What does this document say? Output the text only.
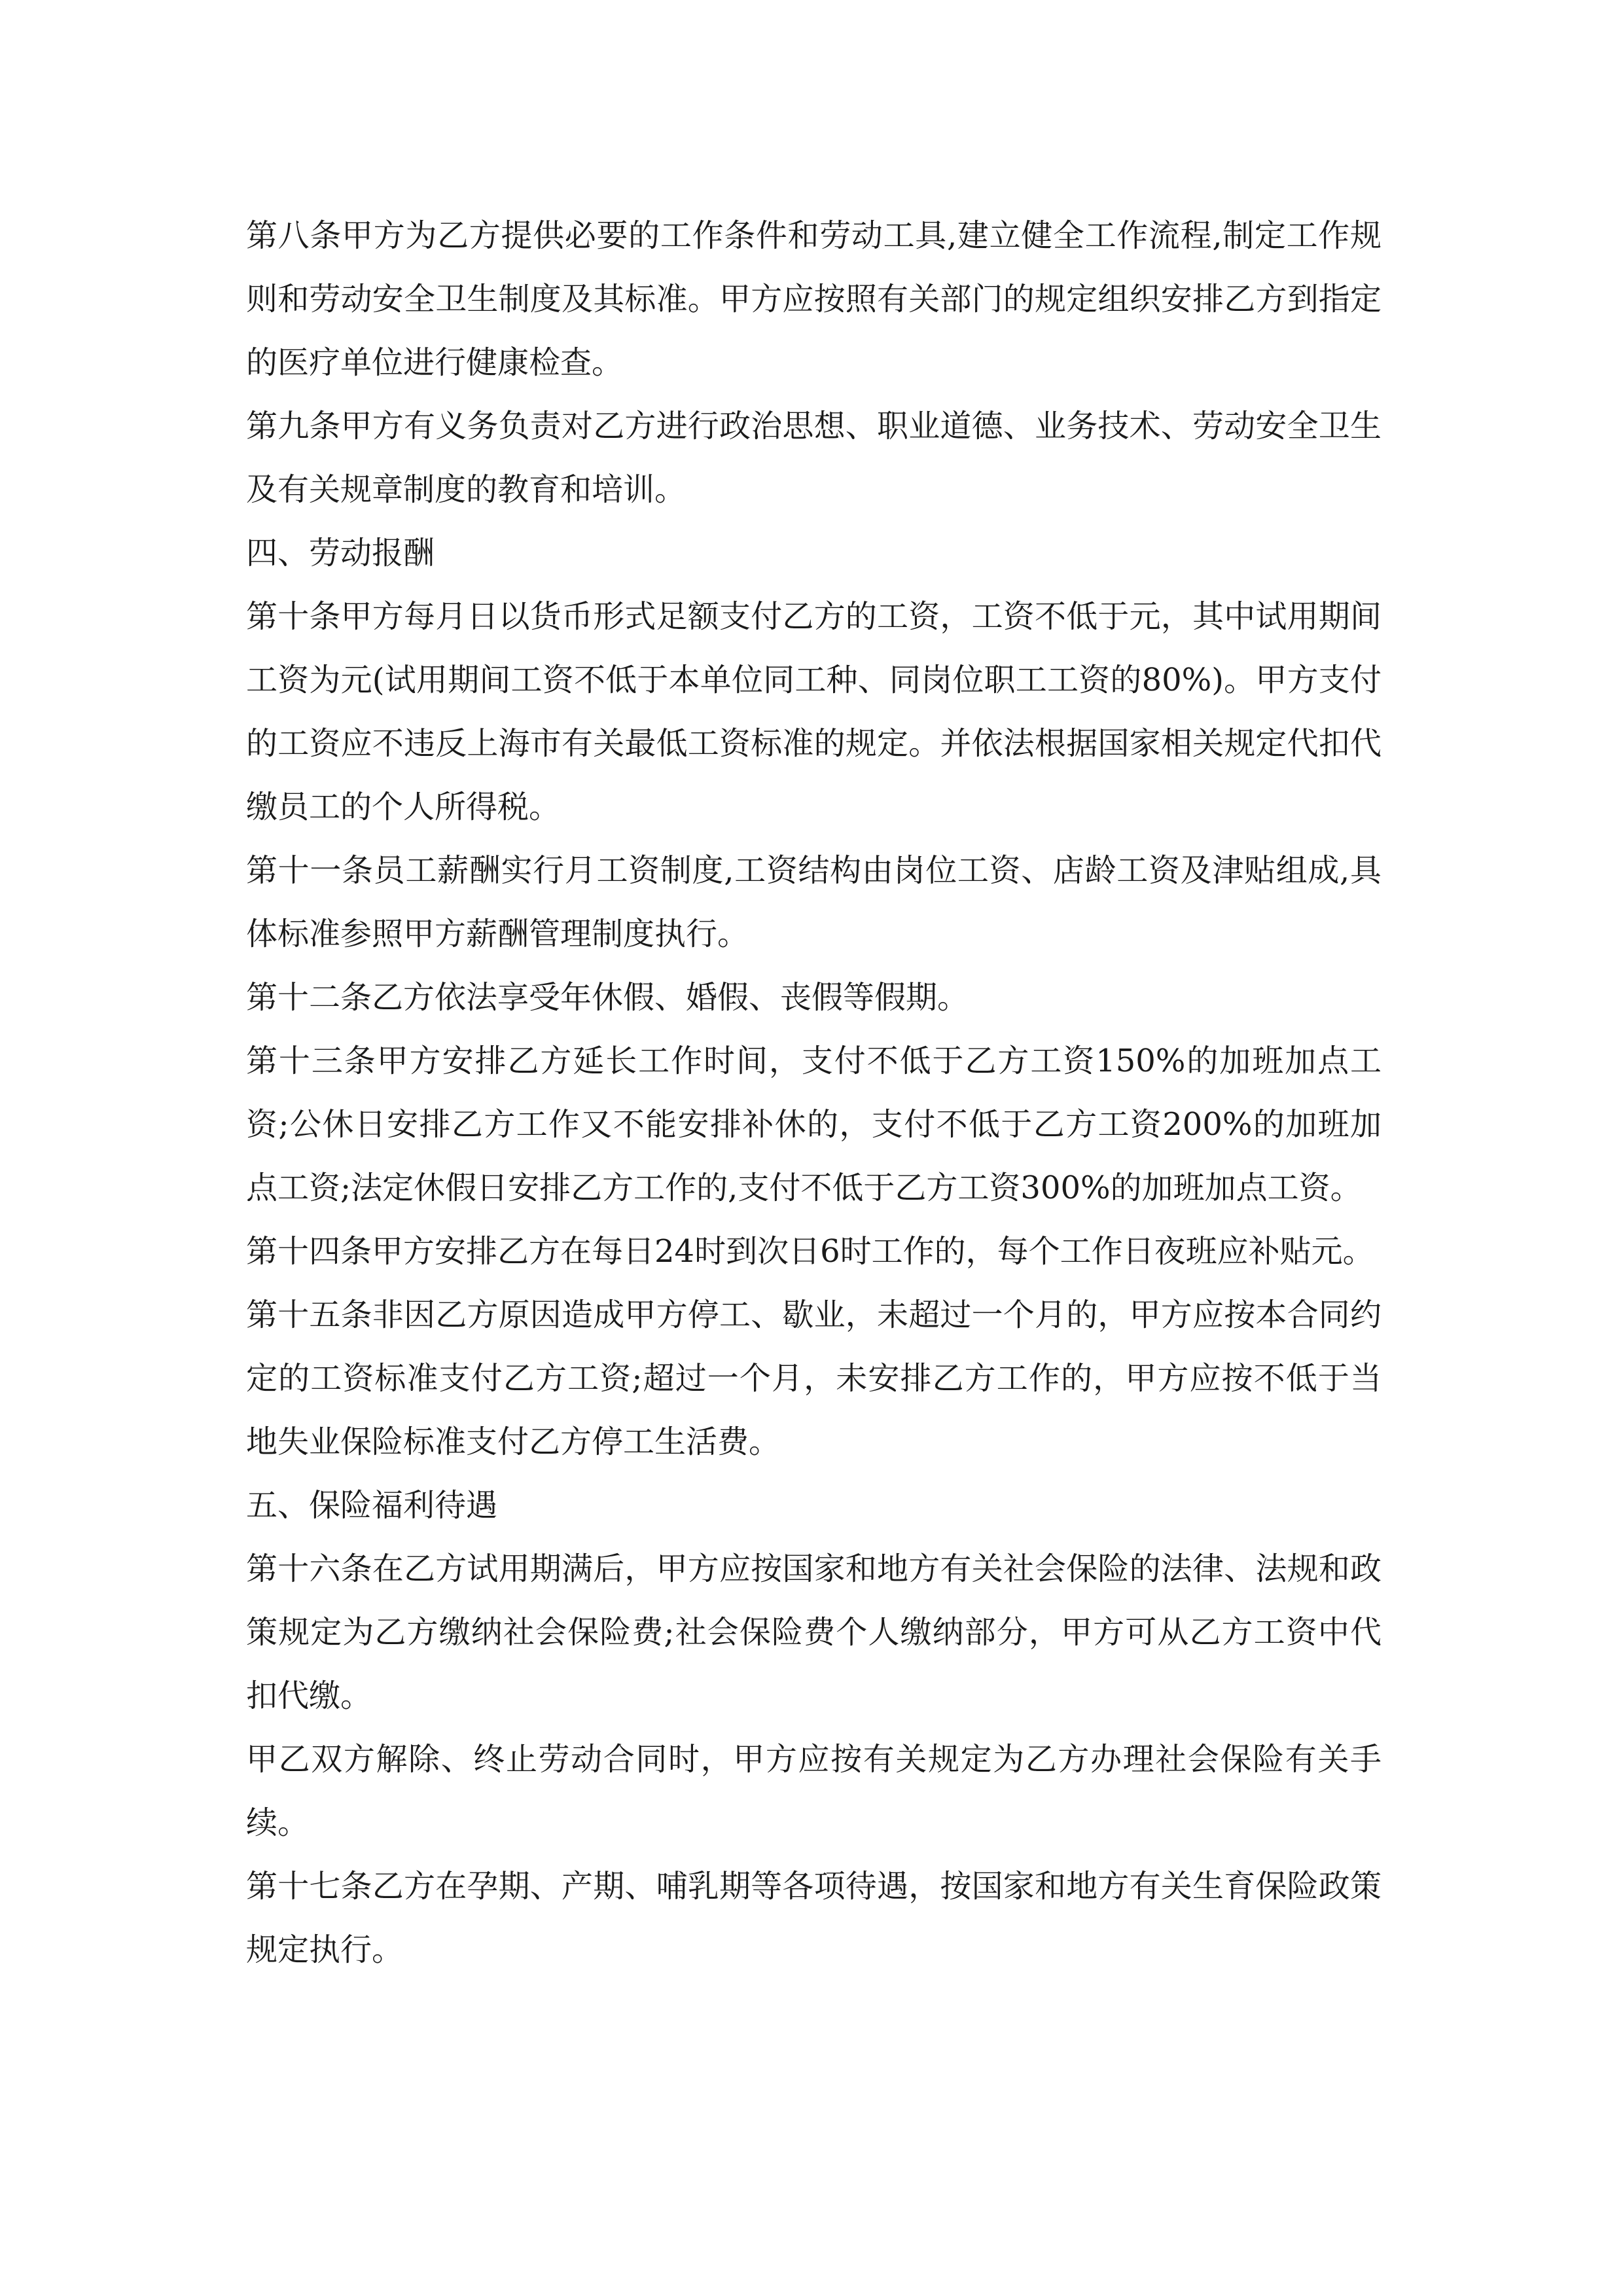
第八条甲方为乙方提供必要的工作条件和劳动工具,建立健全工作流程,制定工作规则和劳动安全卫生制度及其标准。甲方应按照有关部门的规定组织安排乙方到指定的医疗单位进行健康检查。

第九条甲方有义务负责对乙方进行政治思想、职业道德、业务技术、劳动安全卫生及有关规章制度的教育和培训。

四、劳动报酬

第十条甲方每月日以货币形式足额支付乙方的工资，工资不低于元，其中试用期间工资为元(试用期间工资不低于本单位同工种、同岗位职工工资的80%)。甲方支付的工资应不违反上海市有关最低工资标准的规定。并依法根据国家相关规定代扣代缴员工的个人所得税。

第十一条员工薪酬实行月工资制度,工资结构由岗位工资、店龄工资及津贴组成,具体标准参照甲方薪酬管理制度执行。

第十二条乙方依法享受年休假、婚假、丧假等假期。

第十三条甲方安排乙方延长工作时间，支付不低于乙方工资150%的加班加点工资;公休日安排乙方工作又不能安排补休的，支付不低于乙方工资200%的加班加点工资;法定休假日安排乙方工作的,支付不低于乙方工资300%的加班加点工资。

第十四条甲方安排乙方在每日24时到次日6时工作的，每个工作日夜班应补贴元。

第十五条非因乙方原因造成甲方停工、歇业，未超过一个月的，甲方应按本合同约定的工资标准支付乙方工资;超过一个月，未安排乙方工作的，甲方应按不低于当地失业保险标准支付乙方停工生活费。

五、保险福利待遇

第十六条在乙方试用期满后，甲方应按国家和地方有关社会保险的法律、法规和政策规定为乙方缴纳社会保险费;社会保险费个人缴纳部分，甲方可从乙方工资中代扣代缴。

甲乙双方解除、终止劳动合同时，甲方应按有关规定为乙方办理社会保险有关手续。

第十七条乙方在孕期、产期、哺乳期等各项待遇，按国家和地方有关生育保险政策规定执行。
